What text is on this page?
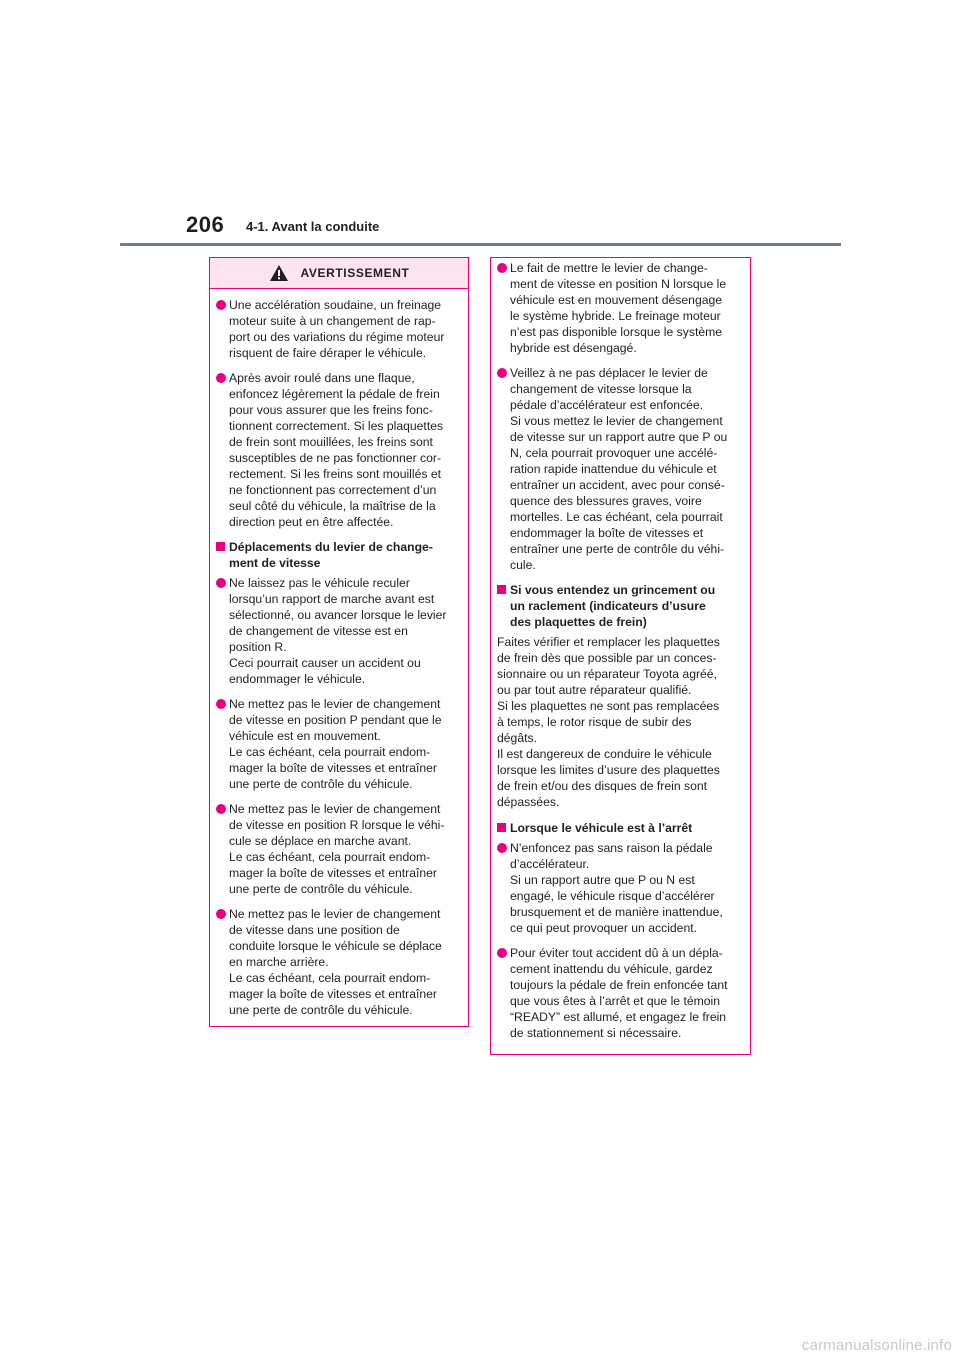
206 4-1. Avant la conduite
AVERTISSEMENT
Une accélération soudaine, un freinage
moteur suite à un changement de rap-
port ou des variations du régime moteur
risquent de faire déraper le véhicule.
Après avoir roulé dans une flaque,
enfoncez légèrement la pédale de frein
pour vous assurer que les freins fonc-
tionnent correctement. Si les plaquettes
de frein sont mouillées, les freins sont
susceptibles de ne pas fonctionner cor-
rectement. Si les freins sont mouillés et
ne fonctionnent pas correctement d’un
seul côté du véhicule, la maîtrise de la
direction peut en être affectée.
Déplacements du levier de change-
ment de vitesse
Ne laissez pas le véhicule reculer
lorsqu’un rapport de marche avant est
sélectionné, ou avancer lorsque le levier
de changement de vitesse est en
position R.
Ceci pourrait causer un accident ou
endommager le véhicule.
Ne mettez pas le levier de changement
de vitesse en position P pendant que le
véhicule est en mouvement.
Le cas échéant, cela pourrait endom-
mager la boîte de vitesses et entraîner
une perte de contrôle du véhicule.
Ne mettez pas le levier de changement
de vitesse en position R lorsque le véhi-
cule se déplace en marche avant.
Le cas échéant, cela pourrait endom-
mager la boîte de vitesses et entraîner
une perte de contrôle du véhicule.
Ne mettez pas le levier de changement
de vitesse dans une position de
conduite lorsque le véhicule se déplace
en marche arrière.
Le cas échéant, cela pourrait endom-
mager la boîte de vitesses et entraîner
une perte de contrôle du véhicule.
Le fait de mettre le levier de change-
ment de vitesse en position N lorsque le
véhicule est en mouvement désengage
le système hybride. Le freinage moteur
n’est pas disponible lorsque le système
hybride est désengagé.
Veillez à ne pas déplacer le levier de
changement de vitesse lorsque la
pédale d’accélérateur est enfoncée.
Si vous mettez le levier de changement
de vitesse sur un rapport autre que P ou
N, cela pourrait provoquer une accélé-
ration rapide inattendue du véhicule et
entraîner un accident, avec pour consé-
quence des blessures graves, voire
mortelles. Le cas échéant, cela pourrait
endommager la boîte de vitesses et
entraîner une perte de contrôle du véhi-
cule.
Si vous entendez un grincement ou
un raclement (indicateurs d’usure
des plaquettes de frein)
Faites vérifier et remplacer les plaquettes
de frein dès que possible par un conces-
sionnaire ou un réparateur Toyota agréé,
ou par tout autre réparateur qualifié.
Si les plaquettes ne sont pas remplacées
à temps, le rotor risque de subir des
dégâts.
Il est dangereux de conduire le véhicule
lorsque les limites d’usure des plaquettes
de frein et/ou des disques de frein sont
dépassées.
Lorsque le véhicule est à l’arrêt
N’enfoncez pas sans raison la pédale
d’accélérateur.
Si un rapport autre que P ou N est
engagé, le véhicule risque d’accélérer
brusquement et de manière inattendue,
ce qui peut provoquer un accident.
Pour éviter tout accident dû à un dépla-
cement inattendu du véhicule, gardez
toujours la pédale de frein enfoncée tant
que vous êtes à l’arrêt et que le témoin
“READY” est allumé, et engagez le frein
de stationnement si nécessaire.
carmanualsonline.info
